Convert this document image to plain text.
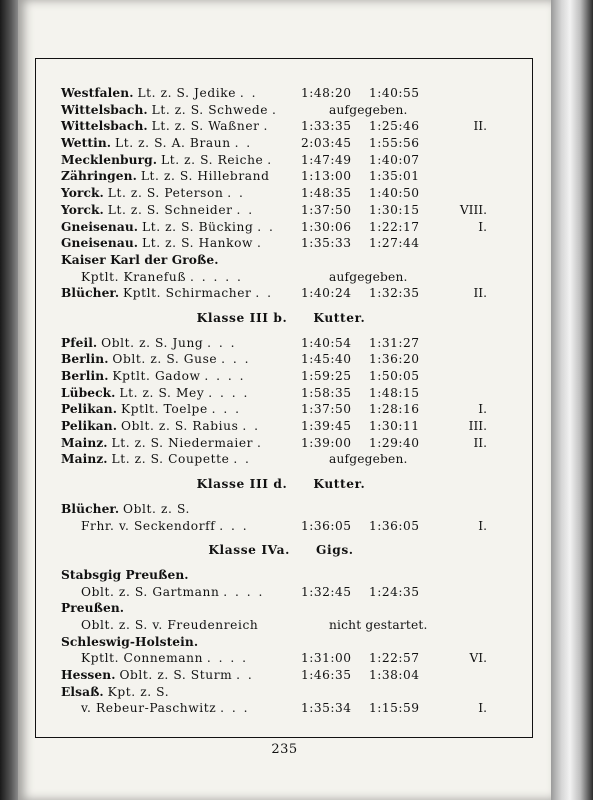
Westfalen. Lt. z. S. Jedike . .	1:48:20 1:40:55
Wittelsbach. Lt. z. S. Schwede .	aufgegeben.
Wittelsbach. Lt. z. S. Waßner .	1:33:35 1:25:46	II.
Wettin. Lt. z. S. A. Braun . .	2:03:45 1:55:56
Mecklenburg. Lt. z. S. Reiche . 1:47:49 1:40:07
Zähringen. Lt. z. S. Hillebrand	1:13:00 1:35:01
Yorck. Lt. z. S. Peterson . .	1:48:35 1:40:50
Yorck. Lt. z. S. Schneider . .	1:37:50 1:30:15	VIII.
Gneisenau. Lt. z. S. Bücking . . 1:30:06 1:22:17	I.
Gneisenau. Lt. z. S. Hankow .	1:35:33 1:27:44
Kaiser Karl der Große.
Kptlt. Kranefuß . . . . .	aufgegeben.
Blücher. Kptlt. Schirmacher . . 1:40:24 1:32:35	II.
Klasse III b. Kutter.
Pfeil. Oblt. z. S. Jung . . .	1:40:54 1:31:27
Berlin. Oblt. z. S. Guse . . .	1:45:40 1:36:20
Berlin. Kptlt. Gadow . . . .	1:59:25 1:50:05
Lübeck. Lt. z. S. Mey . . . .	1:58:35 1:48:15
Pelikan. Kptlt. Toelpe . . .	1:37:50 1:28:16	I.
Pelikan. Oblt. z. S. Rabius . .	1:39:45 1:30:11	III.
Mainz. Lt. z. S. Niedermaier .	1:39:00 1:29:40	II.
Mainz. Lt. z. S. Coupette . .	aufgegeben.
Klasse III d. Kutter.
Blücher. Oblt. z. S.
Frhr. v. Seckendorff . . .	1:36:05 1:36:05	I.
Klasse IVa. Gigs.
Stabsgig Preußen.
Oblt. z. S. Gartmann . . . .	1:32:45 1:24:35
Preußen.
Oblt. z. S. v. Freudenreich	nicht gestartet.
Schleswig-Holstein.
Kptlt. Connemann . . . .	1:31:00 1:22:57	VI.
Hessen. Oblt. z. S. Sturm . .	1:46:35 1:38:04
Elsaß. Kpt. z. S.
v. Rebeur-Paschwitz . . .	1:35:34 1:15:59	I.
235
